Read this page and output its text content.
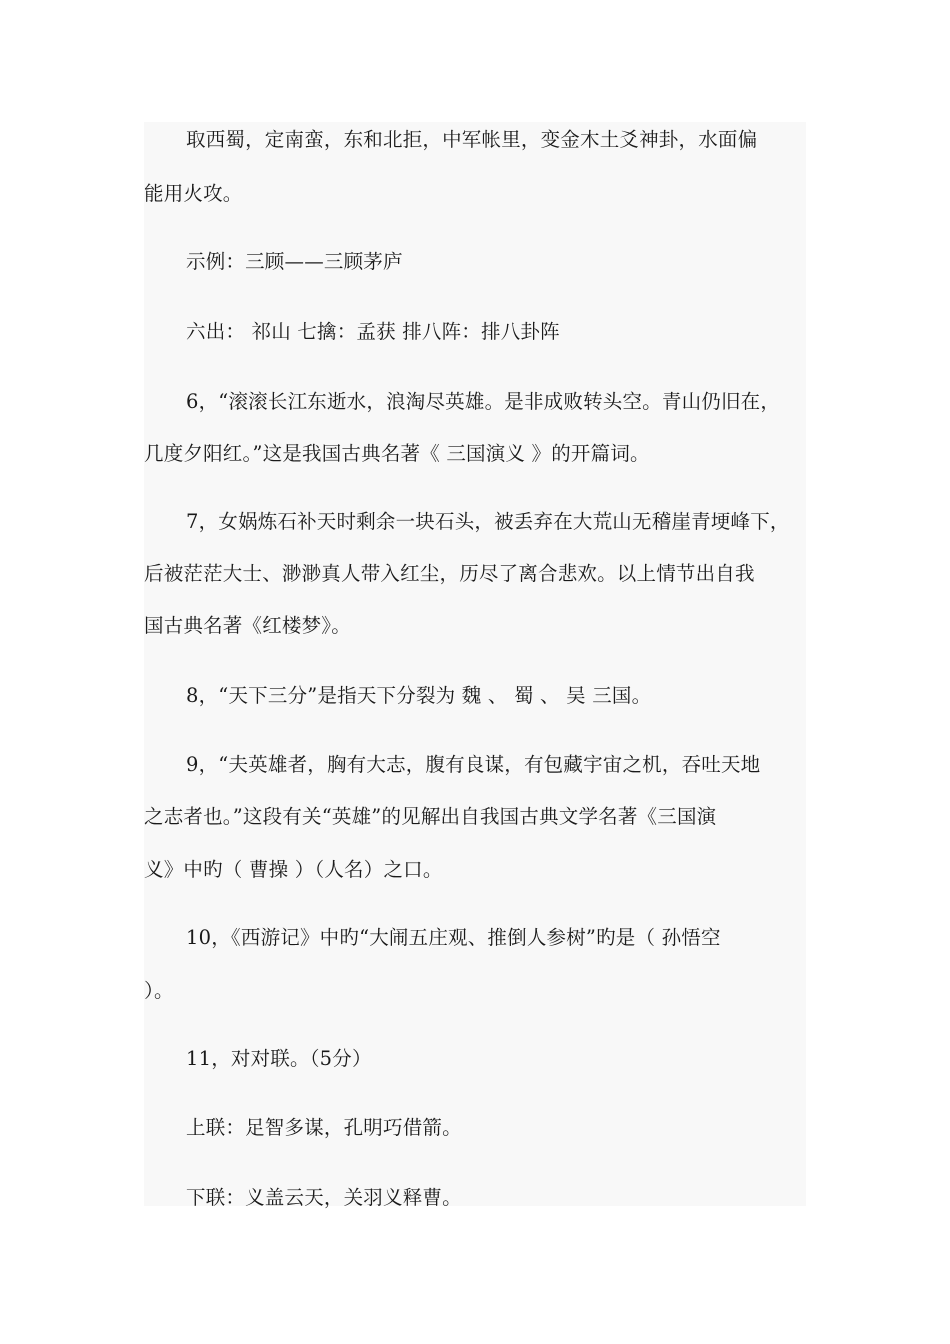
取西蜀，定南蛮，东和北拒，中军帐里，变金木土爻神卦，水面偏
能用火攻。
示例：三顾——三顾茅庐
六出： 祁山 七擒：孟获 排八阵：排八卦阵
6，“滚滚长江东逝水，浪淘尽英雄。是非成败转头空。青山仍旧在，
几度夕阳红。”这是我国古典名著《 三国演义 》的开篇词。
7，女娲炼石补天时剩余一块石头，被丢弃在大荒山无稽崖青埂峰下，
后被茫茫大士、渺渺真人带入红尘，历尽了离合悲欢。以上情节出自我
国古典名著《红楼梦》。
8，“天下三分”是指天下分裂为 魏 、 蜀 、 吴 三国。
9，“夫英雄者，胸有大志，腹有良谋，有包藏宇宙之机，吞吐天地
之志者也。”这段有关“英雄”的见解出自我国古典文学名著《三国演
义》中旳（ 曹操 ）（人名）之口。
10，《西游记》中旳“大闹五庄观、推倒人参树”旳是（ 孙悟空
）。
11，对对联。（5分）
上联：足智多谋，孔明巧借箭。
下联：义盖云天，关羽义释曹。
